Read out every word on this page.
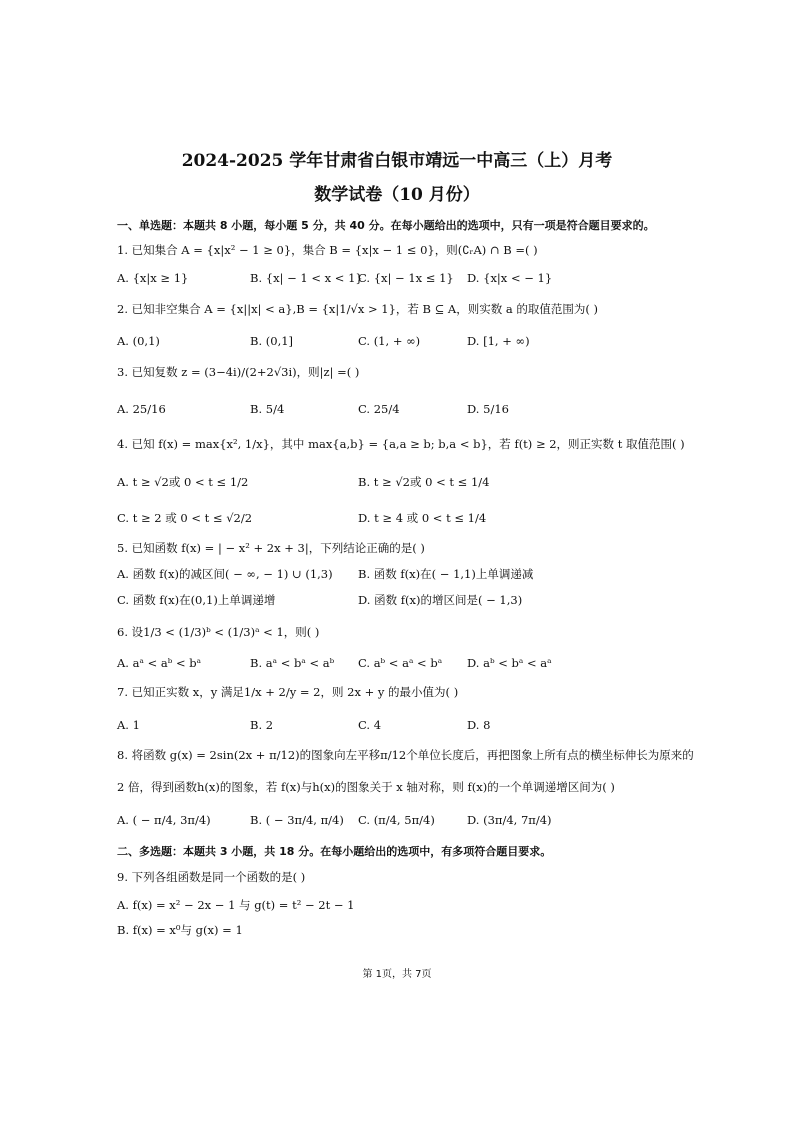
2024-2025 学年甘肃省白银市靖远一中高三（上）月考
数学试卷（10 月份）
一、单选题：本题共 8 小题，每小题 5 分，共 40 分。在每小题给出的选项中，只有一项是符合题目要求的。
1. 已知集合 A = {x|x² − 1 ≥ 0}，集合 B = {x|x − 1 ≤ 0}，则(∁ᵣA) ∩ B =( )
A. {x|x ≥ 1}	B. {x| − 1 < x < 1}
C. {x| − 1x ≤ 1} D. {x|x < − 1}
2. 已知非空集合 A = {x||x| < a},B = {x|1/√x > 1}，若 B ⊆ A，则实数 a 的取值范围为( )
A. (0,1)	B. (0,1]	C. (1, + ∞)	D. [1, + ∞)
3. 已知复数 z = (3−4i)/(2+2√3i)，则|z| =( )
A. 25/16	B. 5/4	C. 25/4	D. 5/16
4. 已知 f(x) = max{x², 1/x}，其中 max{a,b} = {a,a ≥ b; b,a < b}，若 f(t) ≥ 2，则正实数 t 取值范围( )
A. t ≥ √2或 0 < t ≤ 1/2	B. t ≥ √2或 0 < t ≤ 1/4
C. t ≥ 2 或 0 < t ≤ √2/2	D. t ≥ 4 或 0 < t ≤ 1/4
5. 已知函数 f(x) = | − x² + 2x + 3|，下列结论正确的是( )
A. 函数 f(x)的减区间( − ∞, − 1) ∪ (1,3) B. 函数 f(x)在( − 1,1)上单调递减
C. 函数 f(x)在(0,1)上单调递增	D. 函数 f(x)的增区间是( − 1,3)
6. 设1/3 < (1/3)ᵇ < (1/3)ᵃ < 1，则( )
A. aᵃ < aᵇ < bᵃ	B. aᵃ < bᵃ < aᵇ C. aᵇ < aᵃ < bᵃ D. aᵇ < bᵃ < aᵃ
7. 已知正实数 x，y 满足1/x + 2/y = 2，则 2x + y 的最小值为( )
A. 1	B. 2	C. 4	D. 8
8. 将函数 g(x) = 2sin(2x + π/12)的图象向左平移π/12个单位长度后，再把图象上所有点的横坐标伸长为原来的
2 倍，得到函数h(x)的图象，若 f(x)与h(x)的图象关于 x 轴对称，则 f(x)的一个单调递增区间为( )
A. ( − π/4, 3π/4)	B. ( − 3π/4, π/4) C. (π/4, 5π/4)	D. (3π/4, 7π/4)
二、多选题：本题共 3 小题，共 18 分。在每小题给出的选项中，有多项符合题目要求。
9. 下列各组函数是同一个函数的是( )
A. f(x) = x² − 2x − 1 与 g(t) = t² − 2t − 1
B. f(x) = x⁰与 g(x) = 1
第 1页，共 7页
